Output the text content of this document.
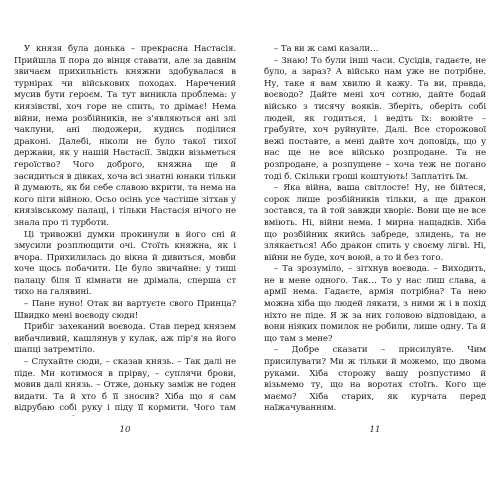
У князя була донька – прекрасна Настасія. Прийшла її пора до вінця ставати, але за давнім звичаєм прихильність княжни здобувалася в турнірах чи військових походах. Наречений мусив бути героєм. Та тут виникла проблема: у князівстві, хоч горе не спить, то дрімає! Нема війни, нема розбійників, не з'являються ані злі чаклуни, ані людожери, кудись поділися драконі. Далебі, ніколи не було такої тихої держави, як у нашій Настасії. Звідки візьметься героїство? Чого доброго, княжна ще й засидиться в дівках, хоча всі знатні юнаки тільки й думають, як би себе славою вкрити, та нема на кого піти війною. Осьо осінь усе частіше зітхав у князівському палаці, і тільки Настасія нічого не знала про ті турботи.

Ці тривожні думки прокинули в його сні й змусили розплющити очі. Стоїть княжна, як і вчора. Прихилилась до вікна й дивиться, мовби хоче щось побачити. Це було звичайне: у тиші палацу біля її кімнати не дрімала, сперша ст тихо на галявині.

– Пане нуно! Отак ви вартуєте свого Принца? Швидко мені воєводу сюди!

Прибіг захеканий воєвода. Став перед князем вибачливий, кашлянув у кулак, аж пір'я на його шапці затремтіло.

– Слухайте сюди, – сказав князь. – Так далі не піде. Ми котимося в прірву, – суплячи брови, мовив далі князь. – Отже, доньку заміж не годен видати. Та й хто б її зносив? Хіба що я сам відрубаю собі руку і піду її кормити. Чого там

– Та ви ж самі казали…

– Знаю! То були інші часи. Сусідів, гадаєте, не було, а зараз? А військо нам уже не потрібне. Ну, таке я вам хвилю й кажу. Та ви, правда, воєводо? Дайте мені хоч сотню, дайте бодай військо з тисячу вояків. Зберіть, оберіть собі людей, як годиться, і ведіть їх: воюйте – грабуйте, хоч руйнуйте. Далі. Все сторожової вежі поставте, а мені дайте хоч доповідь, що у нас ще не все військо розпродане. Та не розпродане, а розпущене – хоча теж не погано тоді б. Скільки гроші коштують! Заплатіть їм.

– Яка війна, ваша світлосте! Ну, не бійтеся, сорок лише розбійників тільки, а ще дракон зостався, та й той завжди хворіє. Вони ще не все вміють. Ні, війни нема. І мирна нащадків. Хіба що розбійник якийсь забреде, злидень, та не злякається! Або дракон спить у своєму лігві. Ні, війни не буде, хоч воюй, а то й без того.

– Та зрозуміло, – зітхнув воєвода. – Виходить, не в мене одного. Так… То у нас лиш слава, а армії нема. Гадаєте, армія потрібна? Та нею можна хіба що людей лякати, з ними ж і в похід ніхто не піде. Я ж за них головою відповідаю, а вони ніяких помилок не робили, лише одну. Та й що там з мене?

– Добре сказати – присилуйте. Чим присилувати? Ми ж тільки й можемо, що двома руками. Хіба сторожу вашу розпустимо й візьмемо ту, що на воротах стоїть. Кого ще маємо? Хіба старих, як курчата перед наїжачуванням.

10	11
